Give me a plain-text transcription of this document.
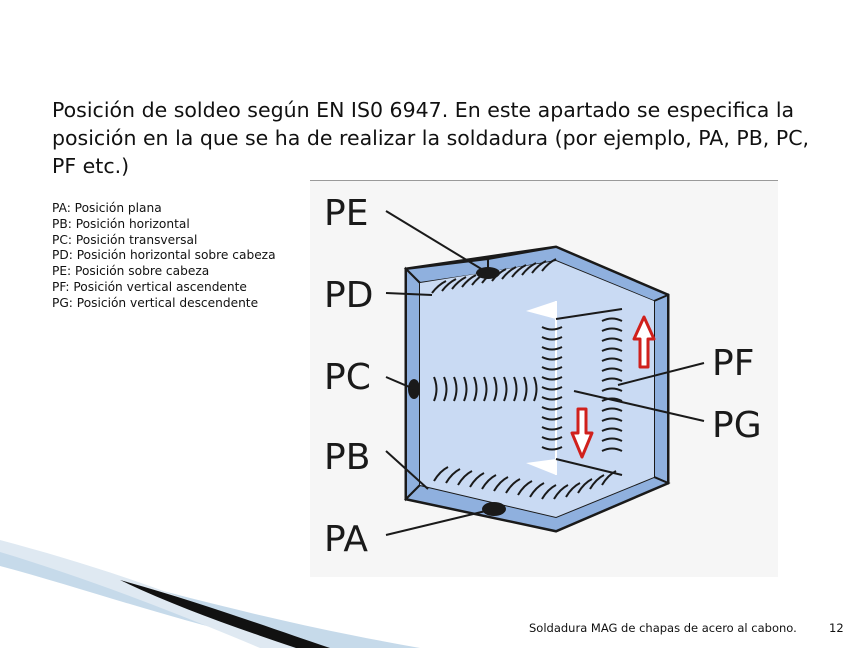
Posición de soldeo según EN IS0 6947. En este apartado se especifica la posición en la que se ha de realizar la soldadura (por ejemplo, PA, PB, PC, PF etc.)
PA: Posición plana
PB: Posición horizontal
PC: Posición transversal
PD: Posición horizontal sobre cabeza
PE: Posición sobre cabeza
PF: Posición vertical ascendente
PG: Posición vertical descendente
PE
PD
PC
PB
PA
PF
PG
Soldadura MAG de chapas de acero al cabono.	12
